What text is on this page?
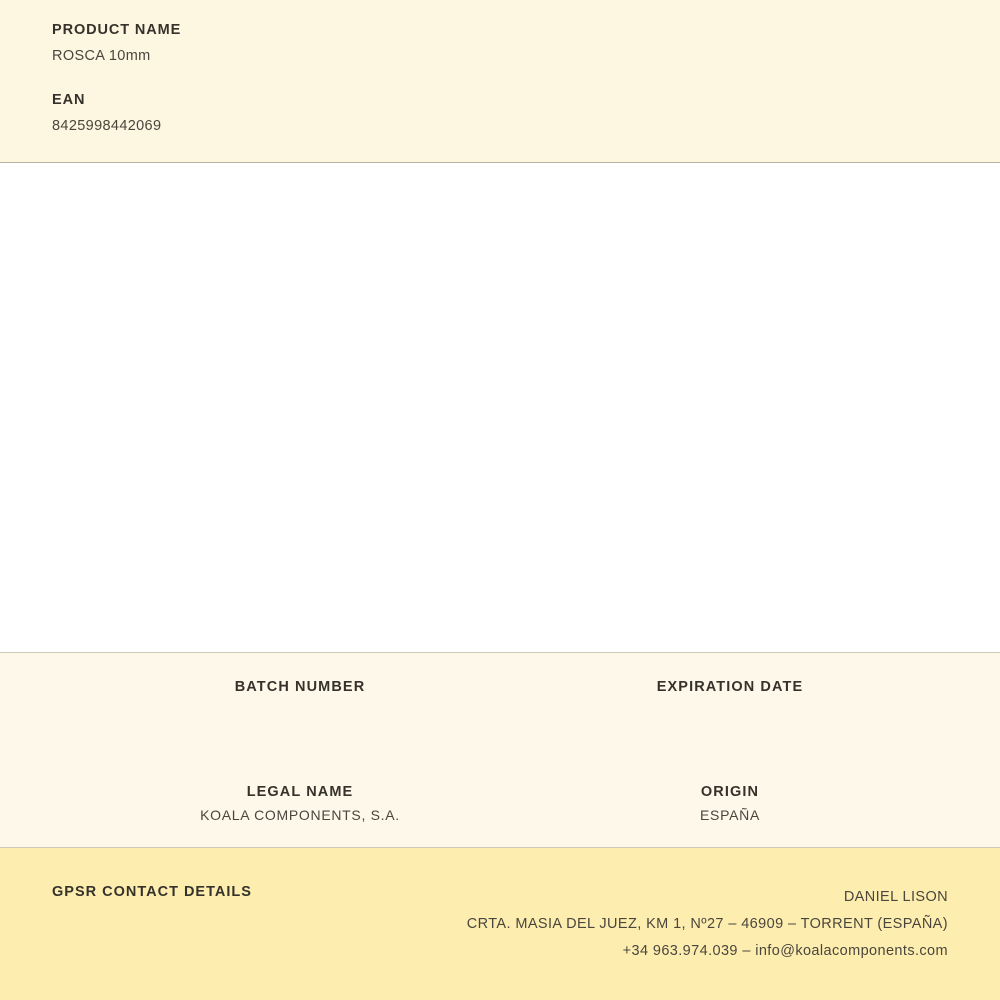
PRODUCT NAME

ROSCA 10mm

EAN

8425998442069

BATCH NUMBER	EXPIRATION DATE

LEGAL NAME

KOALA COMPONENTS, S.A.

ORIGIN

ESPAÑA

GPSR CONTACT DETAILS	DANIEL LISON
CRTA. MASIA DEL JUEZ, KM 1, Nº27 – 46909 – TORRENT (ESPAÑA)
+34 963.974.039 – info@koalacomponents.com
